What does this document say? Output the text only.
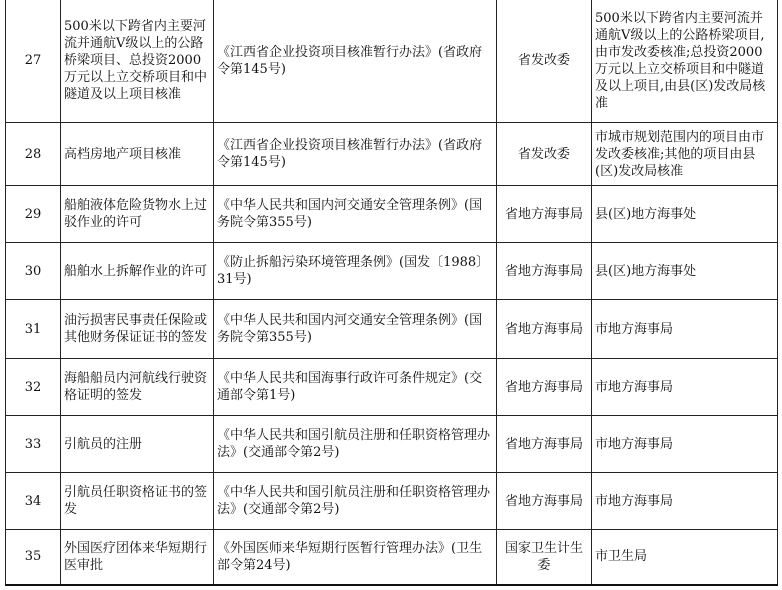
27	500米以下跨省内主要河流并通航Ⅴ级以上的公路桥梁项目、总投资2000万元以上立交桥项目和中隧道及以上项目核准	《江西省企业投资项目核准暂行办法》(省政府令第145号)	省发改委	500米以下跨省内主要河流并通航Ⅴ级以上的公路桥梁项目,由市发改委核准;总投资2000万元以上立交桥项目和中隧道及以上项目,由县(区)发改局核准
28	高档房地产项目核准	《江西省企业投资项目核准暂行办法》(省政府令第145号)	省发改委	市城市规划范围内的项目由市发改委核准;其他的项目由县(区)发改局核准
29	船舶液体危险货物水上过驳作业的许可	《中华人民共和国内河交通安全管理条例》(国务院令第355号)	省地方海事局	县(区)地方海事处
30	船舶水上拆解作业的许可	《防止拆船污染环境管理条例》(国发〔1988〕31号)	省地方海事局	县(区)地方海事处
31	油污损害民事责任保险或其他财务保证证书的签发	《中华人民共和国内河交通安全管理条例》(国务院令第355号)	省地方海事局	市地方海事局
32	海船船员内河航线行驶资格证明的签发	《中华人民共和国海事行政许可条件规定》(交通部令第1号)	省地方海事局	市地方海事局
33	引航员的注册	《中华人民共和国引航员注册和任职资格管理办法》(交通部令第2号)	省地方海事局	市地方海事局
34	引航员任职资格证书的签发	《中华人民共和国引航员注册和任职资格管理办法》(交通部令第2号)	省地方海事局	市地方海事局
35	外国医疗团体来华短期行医审批	《外国医师来华短期行医暂行管理办法》(卫生部令第24号)	国家卫生计生委	市卫生局
